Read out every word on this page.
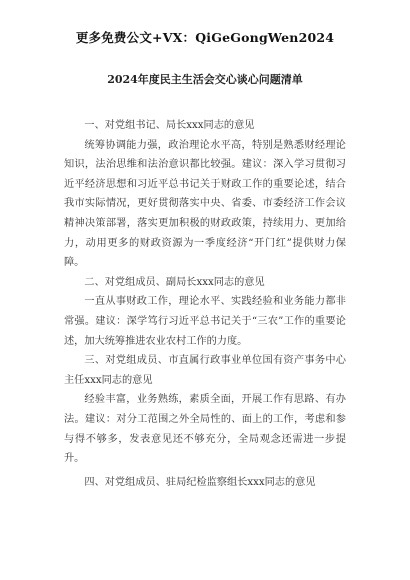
更多免费公文+VX：QiGeGongWen2024
2024年度民主生活会交心谈心问题清单

一、对党组书记、局长xxx同志的意见

统筹协调能力强，政治理论水平高，特别是熟悉财经理论知识，法治思维和法治意识都比较强。建议：深入学习贯彻习近平经济思想和习近平总书记关于财政工作的重要论述，结合我市实际情况，更好贯彻落实中央、省委、市委经济工作会议精神决策部署，落实更加积极的财政政策，持续用力、更加给力，动用更多的财政资源为一季度经济“开门红”提供财力保障。

二、对党组成员、副局长xxx同志的意见

一直从事财政工作，理论水平、实践经验和业务能力都非常强。建议：深学笃行习近平总书记关于“三农”工作的重要论述，加大统筹推进农业农村工作的力度。

三、对党组成员、市直属行政事业单位国有资产事务中心主任xxx同志的意见

经验丰富，业务熟练，素质全面，开展工作有思路、有办法。建议：对分工范围之外全局性的、面上的工作，考虑和参与得不够多，发表意见还不够充分，全局观念还需进一步提升。

四、对党组成员、驻局纪检监察组长xxx同志的意见
